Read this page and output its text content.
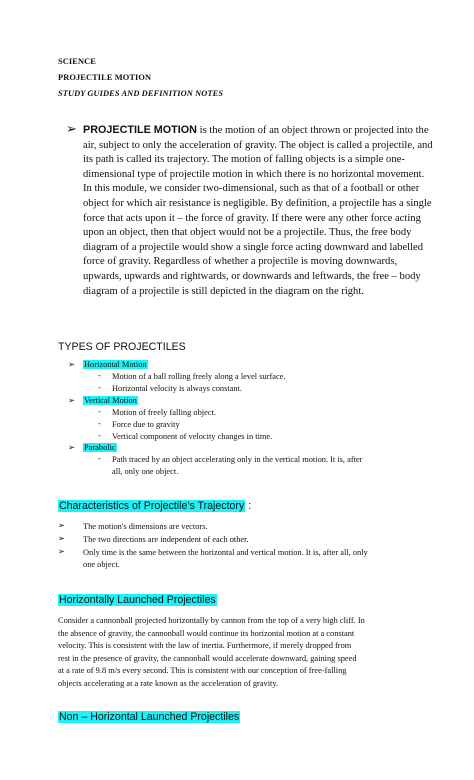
SCIENCE
PROJECTILE MOTION
STUDY GUIDES AND DEFINITION NOTES
➢ PROJECTILE MOTION is the motion of an object thrown or projected into the air, subject to only the acceleration of gravity. The object is called a projectile, and its path is called its trajectory. The motion of falling objects is a simple one-dimensional type of projectile motion in which there is no horizontal movement. In this module, we consider two-dimensional, such as that of a football or other object for which air resistance is negligible. By definition, a projectile has a single force that acts upon it – the force of gravity. If there were any other force acting upon an object, then that object would not be a projectile. Thus, the free body diagram of a projectile would show a single force acting downward and labelled force of gravity. Regardless of whether a projectile is moving downwards, upwards, upwards and rightwards, or downwards and leftwards, the free – body diagram of a projectile is still depicted in the diagram on the right.

TYPES OF PROJECTILES
➢ Horizontal Motion
- Motion of a ball rolling freely along a level surface.
- Horizontal velocity is always constant.
➢ Vertical Motion
- Motion of freely falling object.
- Force due to gravity
- Vertical component of velocity changes in time.
➢ Parabolic
- Path traced by an object accelerating only in the vertical motion. It is, after
all, only one object.
Characteristics of Projectile’s Trajectory :
➢ The motion's dimensions are vectors.
➢ The two directions are independent of each other.
➢ Only time is the same between the horizontal and vertical motion. It is, after all, only
one object.
Horizontally Launched Projectiles
Consider a cannonball projected horizontally by cannon from the top of a very high cliff. In
the absence of gravity, the cannonball would continue its horizontal motion at a constant
velocity. This is consistent with the law of inertia. Furthermore, if merely dropped from
rest in the presence of gravity, the cannonball would accelerate downward, gaining speed
at a rate of 9.8 m/s every second. This is consistent with our conception of free-falling
objects accelerating at a rate known as the acceleration of gravity.
Non – Horizontal Launched Projectiles
